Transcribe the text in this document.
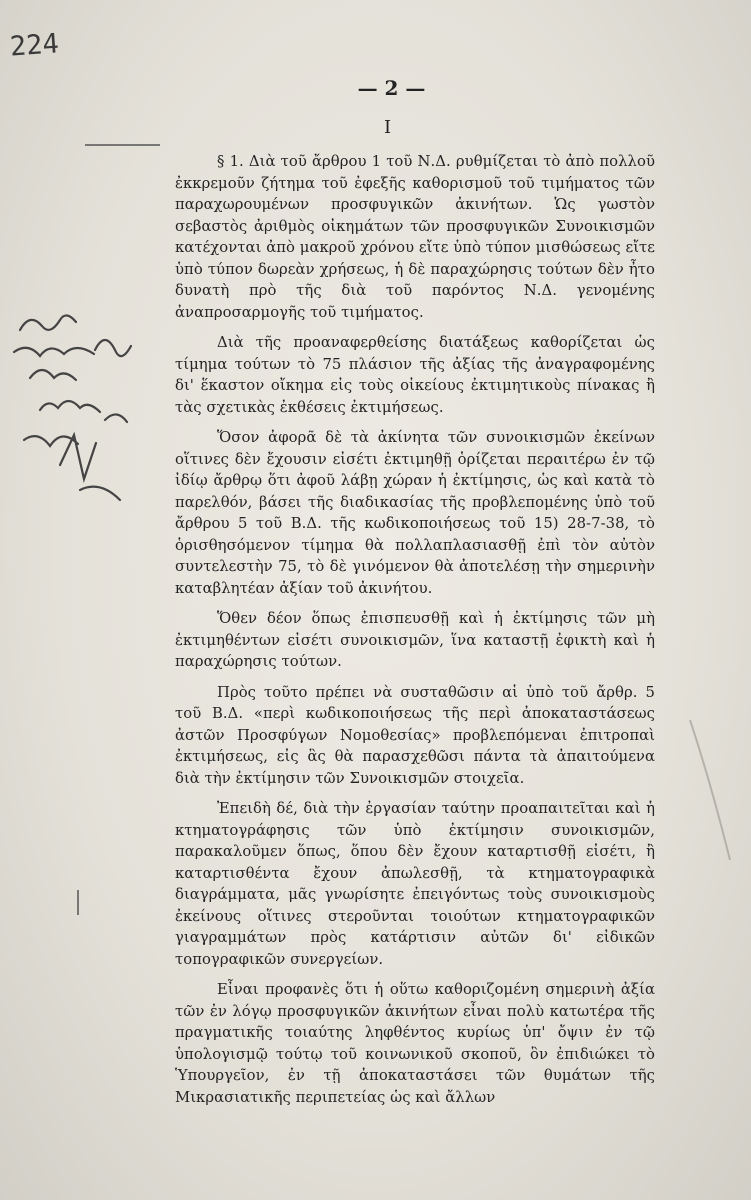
224
— 2 —
Ι

§ 1. Διὰ τοῦ ἄρθρου 1 τοῦ Ν.Δ. ρυθμίζεται τὸ ἀπὸ πολλοῦ ἐκκρεμοῦν ζήτημα τοῦ ἐφεξῆς καθορισμοῦ τοῦ τιμήματος τῶν παραχωρουμένων προσφυγικῶν ἀκινήτων. Ὡς γωστὸν σεβαστὸς ἀριθμὸς οἰκημάτων τῶν προσφυγικῶν Συνοικισμῶν κατέχονται ἀπὸ μακροῦ χρόνου εἴτε ὑπὸ τύπον μισθώσεως εἴτε ὑπὸ τύπον δωρεὰν χρήσεως, ἡ δὲ παραχώρησις τούτων δὲν ἦτο δυνατὴ πρὸ τῆς διὰ τοῦ παρόντος Ν.Δ. γενομένης ἀναπροσαρμογῆς τοῦ τιμήματος.

Διὰ τῆς προαναφερθείσης διατάξεως καθορίζεται ὡς τίμημα τούτων τὸ 75 πλάσιον τῆς ἀξίας τῆς ἀναγραφομένης δι' ἕκαστον οἴκημα εἰς τοὺς οἰκείους ἐκτιμητικοὺς πίνακας ἢ τὰς σχετικὰς ἐκθέσεις ἐκτιμήσεως.

Ὅσον ἀφορᾶ δὲ τὰ ἀκίνητα τῶν συνοικισμῶν ἐκείνων οἵτινες δὲν ἔχουσιν εἰσέτι ἐκτιμηθῇ ὁρίζεται περαιτέρω ἐν τῷ ἰδίῳ ἄρθρῳ ὅτι ἀφοῦ λάβῃ χώραν ἡ ἐκτίμησις, ὡς καὶ κατὰ τὸ παρελθόν, βάσει τῆς διαδικασίας τῆς προβλεπομένης ὑπὸ τοῦ ἄρθρου 5 τοῦ Β.Δ. τῆς κωδικοποιήσεως τοῦ 15) 28-7-38, τὸ ὁρισθησόμενον τίμημα θὰ πολλαπλασιασθῇ ἐπὶ τὸν αὐτὸν συντελεστὴν 75, τὸ δὲ γινόμενον θὰ ἀποτελέσῃ τὴν σημερινὴν καταβλητέαν ἀξίαν τοῦ ἀκινήτου.

Ὅθεν δέον ὅπως ἐπισπευσθῇ καὶ ἡ ἐκτίμησις τῶν μὴ ἐκτιμηθέντων εἰσέτι συνοικισμῶν, ἵνα καταστῇ ἐφικτὴ καὶ ἡ παραχώρησις τούτων.

Πρὸς τοῦτο πρέπει νὰ συσταθῶσιν αἱ ὑπὸ τοῦ ἄρθρ. 5 τοῦ Β.Δ. «περὶ κωδικοποιήσεως τῆς περὶ ἀποκαταστάσεως ἀστῶν Προσφύγων Νομοθεσίας» προβλεπόμεναι ἐπιτροπαὶ ἐκτιμήσεως, εἰς ἃς θὰ παρασχεθῶσι πάντα τὰ ἀπαιτούμενα διὰ τὴν ἐκτίμησιν τῶν Συνοικισμῶν στοιχεῖα.

Ἐπειδὴ δέ, διὰ τὴν ἐργασίαν ταύτην προαπαιτεῖται καὶ ἡ κτηματογράφησις τῶν ὑπὸ ἐκτίμησιν συνοικισμῶν, παρακαλοῦμεν ὅπως, ὅπου δὲν ἔχουν καταρτισθῇ εἰσέτι, ἢ καταρτισθέντα ἔχουν ἀπωλεσθῇ, τὰ κτηματογραφικὰ διαγράμματα, μᾶς γνωρίσητε ἐπειγόντως τοὺς συνοικισμοὺς ἐκείνους οἵτινες στεροῦνται τοιούτων κτηματογραφικῶν γιαγραμμάτων πρὸς κατάρτισιν αὐτῶν δι' εἰδικῶν τοπογραφικῶν συνεργείων.

Εἶναι προφανὲς ὅτι ἡ οὕτω καθοριζομένη σημερινὴ ἀξία τῶν ἐν λόγῳ προσφυγικῶν ἀκινήτων εἶναι πολὺ κατωτέρα τῆς πραγματικῆς τοιαύτης ληφθέντος κυρίως ὑπ' ὄψιν ἐν τῷ ὑπολογισμῷ τούτῳ τοῦ κοινωνικοῦ σκοποῦ, ὃν ἐπιδιώκει τὸ Ὑπουργεῖον, ἐν τῇ ἀποκαταστάσει τῶν θυμάτων τῆς Μικρασιατικῆς περιπετείας ὡς καὶ ἄλλων
